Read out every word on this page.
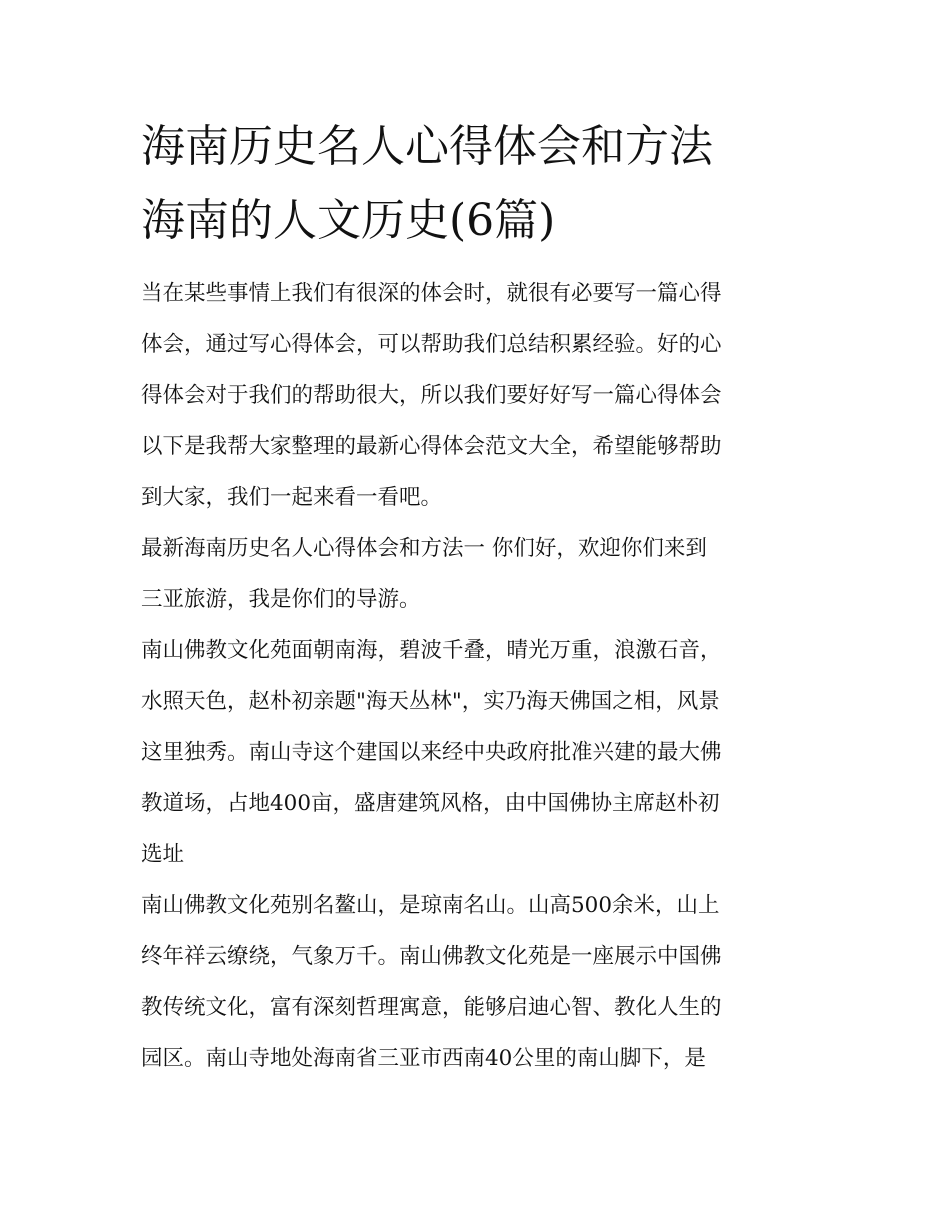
海南历史名人心得体会和方法
海南的人文历史(6篇)

当在某些事情上我们有很深的体会时，就很有必要写一篇心得
体会，通过写心得体会，可以帮助我们总结积累经验。好的心
得体会对于我们的帮助很大，所以我们要好好写一篇心得体会
以下是我帮大家整理的最新心得体会范文大全，希望能够帮助
到大家，我们一起来看一看吧。

最新海南历史名人心得体会和方法一 你们好，欢迎你们来到
三亚旅游，我是你们的导游。

南山佛教文化苑面朝南海，碧波千叠，晴光万重，浪激石音，
水照天色，赵朴初亲题"海天丛林"，实乃海天佛国之相，风景
这里独秀。南山寺这个建国以来经中央政府批准兴建的最大佛
教道场，占地400亩，盛唐建筑风格，由中国佛协主席赵朴初
选址

南山佛教文化苑别名鳌山，是琼南名山。山高500余米，山上
终年祥云缭绕，气象万千。南山佛教文化苑是一座展示中国佛
教传统文化，富有深刻哲理寓意，能够启迪心智、教化人生的
园区。南山寺地处海南省三亚市西南40公里的南山脚下，是
